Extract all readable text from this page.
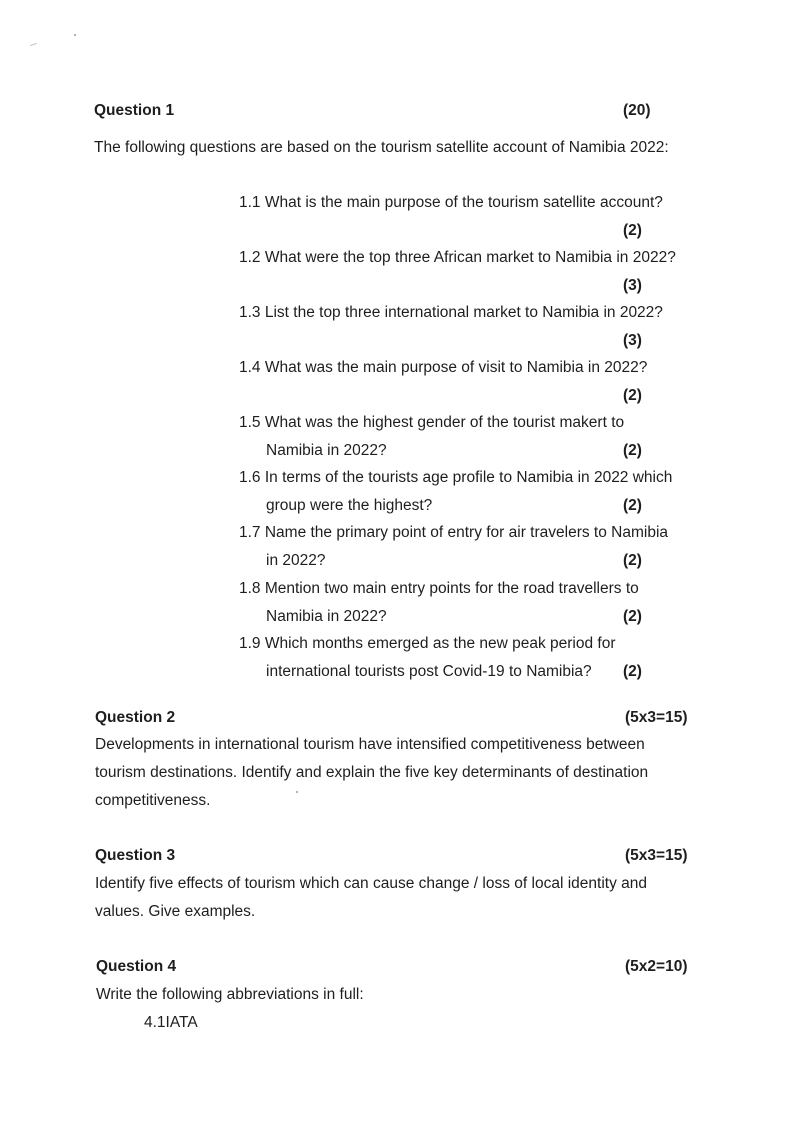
Question 1	(20)
The following questions are based on the tourism satellite account of Namibia 2022:
1.1 What is the main purpose of the tourism satellite account?
(2)
1.2 What were the top three African market to Namibia in 2022?
(3)
1.3 List the top three international market to Namibia in 2022?
(3)
1.4 What was the main purpose of visit to Namibia in 2022?
(2)
1.5 What was the highest gender of the tourist makert to
Namibia in 2022?	(2)
1.6 In terms of the tourists age profile to Namibia in 2022 which
group were the highest?	(2)
1.7 Name the primary point of entry for air travelers to Namibia
in 2022?	(2)
1.8 Mention two main entry points for the road travellers to
Namibia in 2022?	(2)
1.9 Which months emerged as the new peak period for
international tourists post Covid-19 to Namibia? (2)
Question 2	(5x3=15)
Developments in international tourism have intensified competitiveness between
tourism destinations. Identify and explain the five key determinants of destination
competitiveness.
Question 3	(5x3=15)
Identify five effects of tourism which can cause change / loss of local identity and
values. Give examples.
Question 4	(5x2=10)
Write the following abbreviations in full:
4.1IATA
